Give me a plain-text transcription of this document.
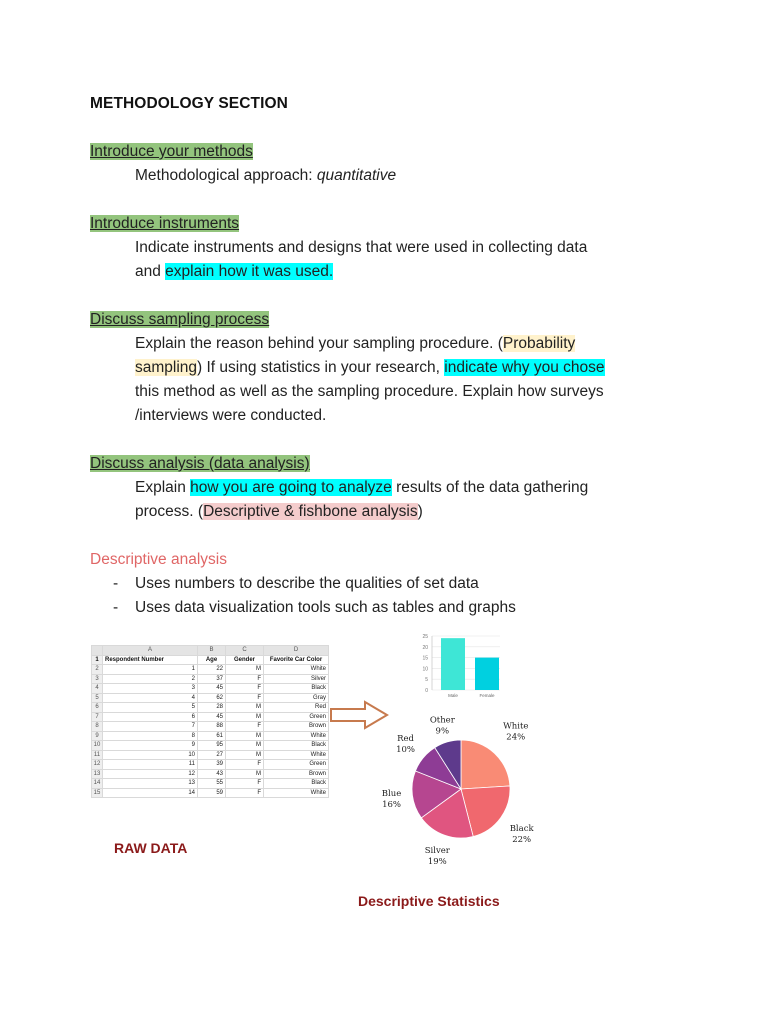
METHODOLOGY SECTION
Introduce your methods
Methodological approach: quantitative
Introduce instruments
Indicate instruments and designs that were used in collecting data
and explain how it was used.
Discuss sampling process
Explain the reason behind your sampling procedure. (Probability
sampling) If using statistics in your research, indicate why you chose
this method as well as the sampling procedure. Explain how surveys
/interviews were conducted.
Discuss analysis (data analysis)
Explain how you are going to analyze results of the data gathering
process. (Descriptive & fishbone analysis)
Descriptive analysis
- Uses numbers to describe the qualities of set data
- Uses data visualization tools such as tables and graphs
	A	B	C	D
1	Respondent Number	Age	Gender	Favorite Car Color
2	1	22	M	White
3	2	37	F	Silver
4	3	45	F	Black
5	4	62	F	Gray
6	5	28	M	Red
7	6	45	M	Green
8	7	88	F	Brown
9	8	61	M	White
10	9	95	M	Black
11	10	27	M	White
12	11	39	F	Green
13	12	43	M	Brown
14	13	55	F	Black
15	14	59	F	White
RAW DATA
0
5
10
15
20
25
Male	Female
White
24%
Black
22%
Silver
19%
Blue
16%
Red
10%
Other
9%
Descriptive Statistics
